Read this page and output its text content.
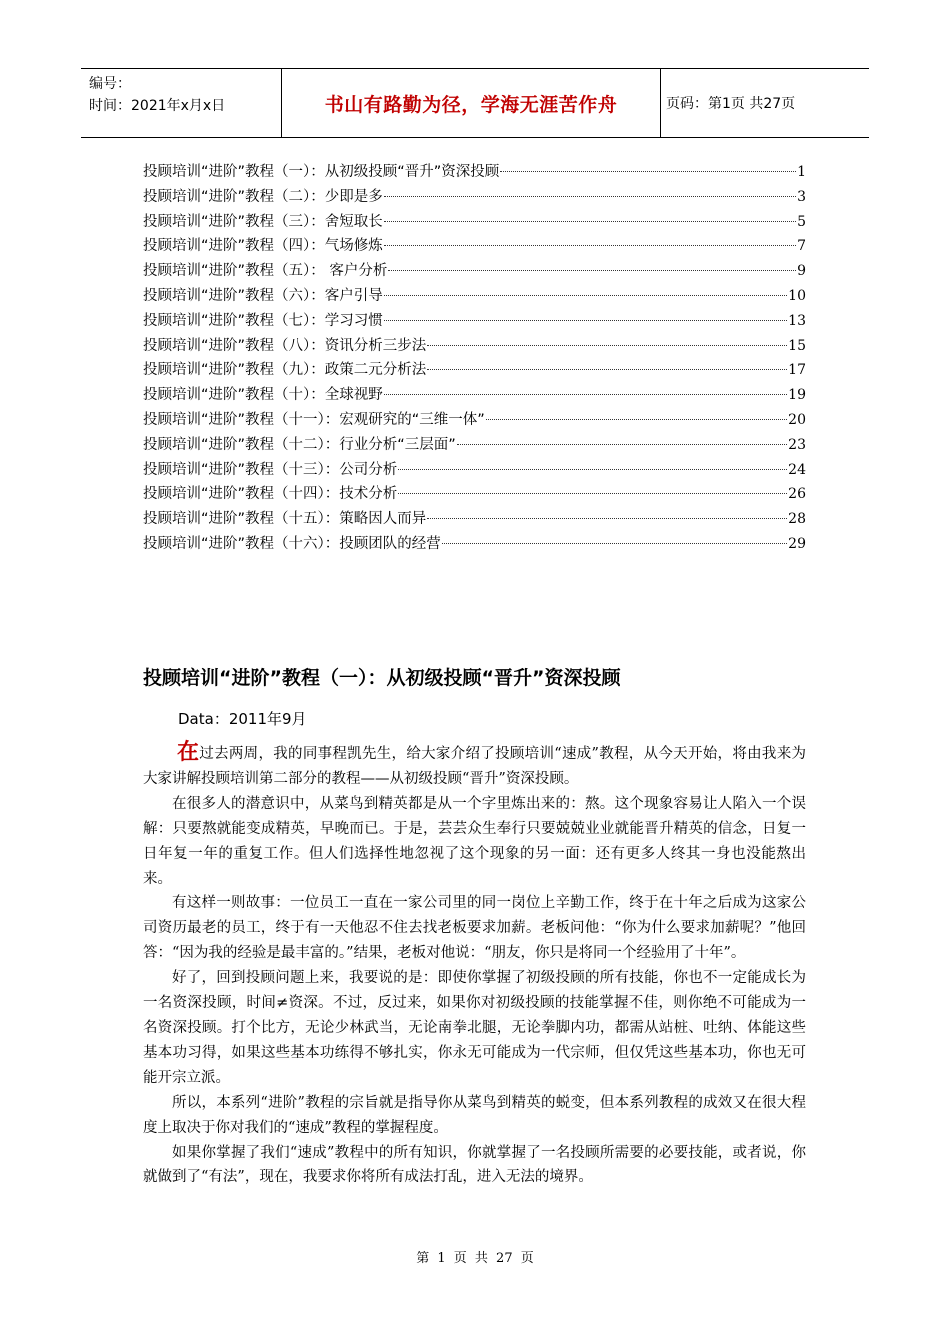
编号：
时间：2021年x月x日	书山有路勤为径，学海无涯苦作舟	页码：第1页 共27页
投顾培训“进阶”教程（一）：从初级投顾“晋升”资深投顾	1
投顾培训“进阶”教程（二）：少即是多	3
投顾培训“进阶”教程（三）：舍短取长	5
投顾培训“进阶”教程（四）：气场修炼	7
投顾培训“进阶”教程（五）： 客户分析	9
投顾培训“进阶”教程（六）：客户引导	10
投顾培训“进阶”教程（七）：学习习惯	13
投顾培训“进阶”教程（八）：资讯分析三步法	15
投顾培训“进阶”教程（九）：政策二元分析法	17
投顾培训“进阶”教程（十）：全球视野	19
投顾培训“进阶”教程（十一）：宏观研究的“三维一体”	20
投顾培训“进阶”教程（十二）：行业分析“三层面”	23
投顾培训“进阶”教程（十三）：公司分析	24
投顾培训“进阶”教程（十四）：技术分析	26
投顾培训“进阶”教程（十五）：策略因人而异	28
投顾培训“进阶”教程（十六）：投顾团队的经营	29
投顾培训“进阶”教程（一）：从初级投顾“晋升”资深投顾
Data：2011年9月

在过去两周，我的同事程凯先生，给大家介绍了投顾培训“速成”教程，从今天开始，将由我来为大家讲解投顾培训第二部分的教程——从初级投顾“晋升”资深投顾。

在很多人的潜意识中，从菜鸟到精英都是从一个字里炼出来的：熬。这个现象容易让人陷入一个误解：只要熬就能变成精英，早晚而已。于是，芸芸众生奉行只要兢兢业业就能晋升精英的信念，日复一日年复一年的重复工作。但人们选择性地忽视了这个现象的另一面：还有更多人终其一身也没能熬出来。

有这样一则故事：一位员工一直在一家公司里的同一岗位上辛勤工作，终于在十年之后成为这家公司资历最老的员工，终于有一天他忍不住去找老板要求加薪。老板问他：“你为什么要求加薪呢？”他回答：“因为我的经验是最丰富的。”结果，老板对他说：“朋友，你只是将同一个经验用了十年”。

好了，回到投顾问题上来，我要说的是：即使你掌握了初级投顾的所有技能，你也不一定能成长为一名资深投顾，时间≠资深。不过，反过来，如果你对初级投顾的技能掌握不佳，则你绝不可能成为一名资深投顾。打个比方，无论少林武当，无论南拳北腿，无论拳脚内功，都需从站桩、吐纳、体能这些基本功习得，如果这些基本功练得不够扎实，你永无可能成为一代宗师，但仅凭这些基本功，你也无可能开宗立派。

所以，本系列“进阶”教程的宗旨就是指导你从菜鸟到精英的蜕变，但本系列教程的成效又在很大程度上取决于你对我们的“速成”教程的掌握程度。

如果你掌握了我们“速成”教程中的所有知识，你就掌握了一名投顾所需要的必要技能，或者说，你就做到了“有法”，现在，我要求你将所有成法打乱，进入无法的境界。

第 1 页 共 27 页
